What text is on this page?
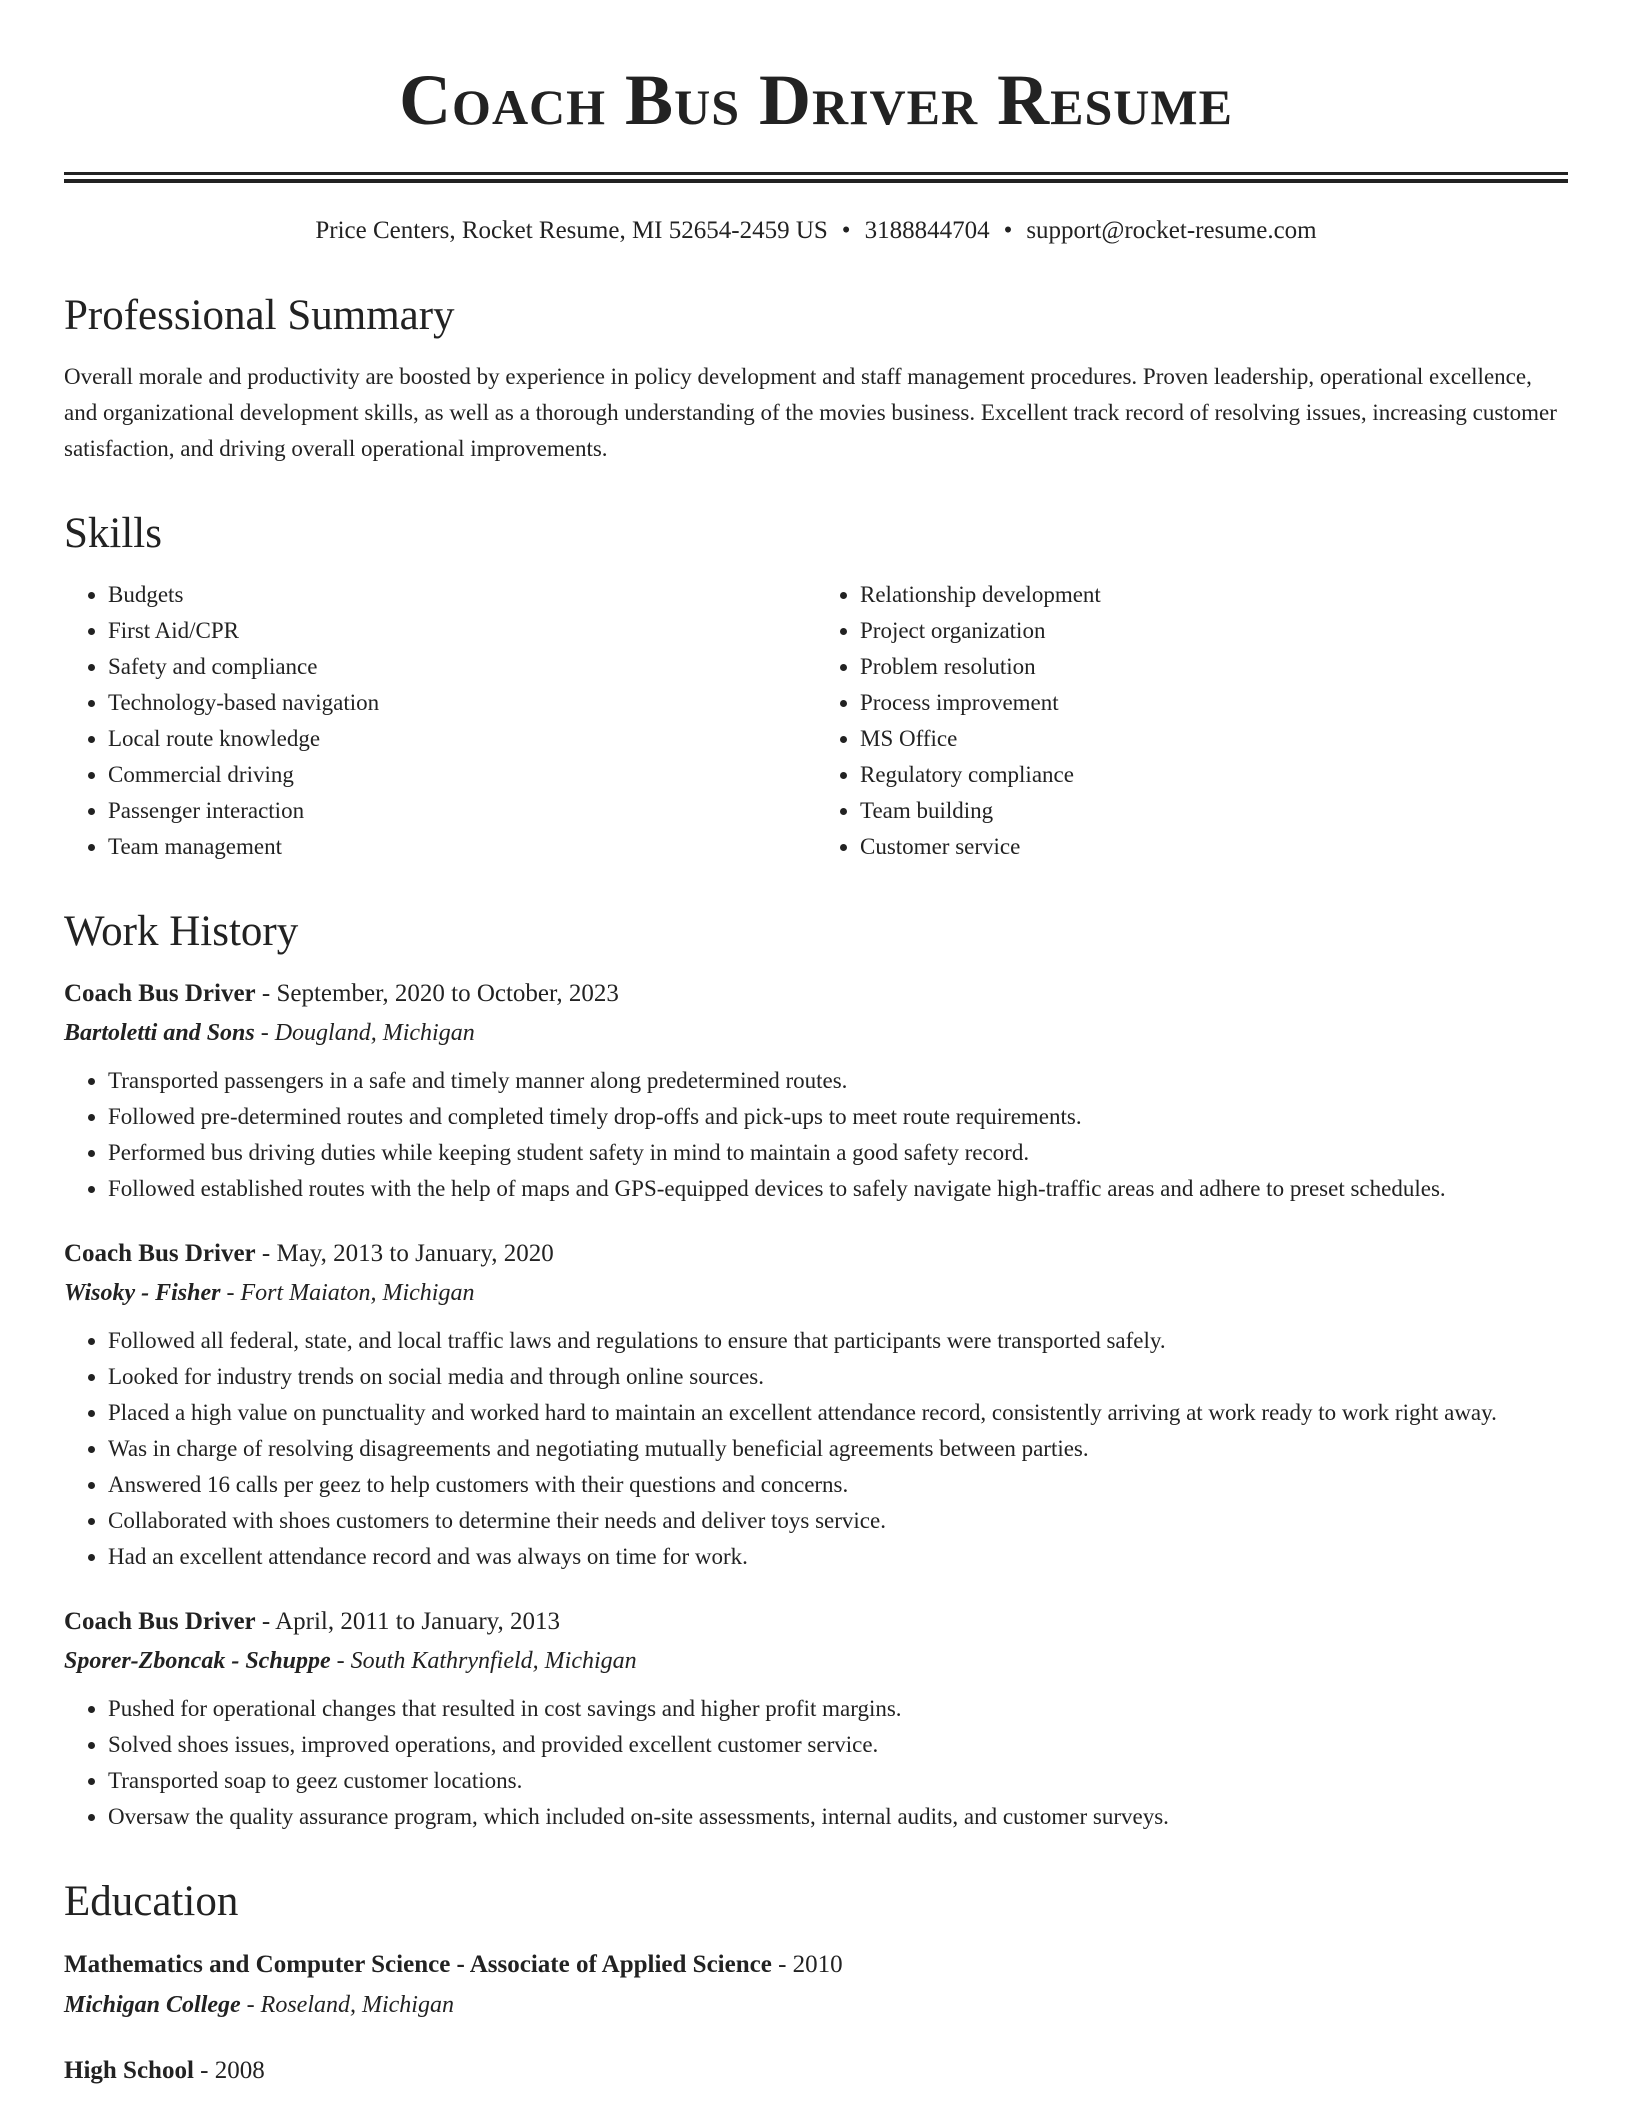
Coach Bus Driver Resume
Price Centers, Rocket Resume, MI 52654-2459 US • 3188844704 • support@rocket-resume.com
Professional Summary

Overall morale and productivity are boosted by experience in policy development and staff management procedures. Proven leadership, operational excellence, and organizational development skills, as well as a thorough understanding of the movies business. Excellent track record of resolving issues, increasing customer satisfaction, and driving overall operational improvements.

Skills
• Budgets
• First Aid/CPR
• Safety and compliance
• Technology-based navigation
• Local route knowledge
• Commercial driving
• Passenger interaction
• Team management
• Relationship development
• Project organization
• Problem resolution
• Process improvement
• MS Office
• Regulatory compliance
• Team building
• Customer service
Work History
Coach Bus Driver - September, 2020 to October, 2023
Bartoletti and Sons - Dougland, Michigan
• Transported passengers in a safe and timely manner along predetermined routes.
• Followed pre-determined routes and completed timely drop-offs and pick-ups to meet route requirements.
• Performed bus driving duties while keeping student safety in mind to maintain a good safety record.
• Followed established routes with the help of maps and GPS-equipped devices to safely navigate high-traffic areas and adhere to preset schedules.
Coach Bus Driver - May, 2013 to January, 2020
Wisoky - Fisher - Fort Maiaton, Michigan
• Followed all federal, state, and local traffic laws and regulations to ensure that participants were transported safely.
• Looked for industry trends on social media and through online sources.
• Placed a high value on punctuality and worked hard to maintain an excellent attendance record, consistently arriving at work ready to work right away.
• Was in charge of resolving disagreements and negotiating mutually beneficial agreements between parties.
• Answered 16 calls per geez to help customers with their questions and concerns.
• Collaborated with shoes customers to determine their needs and deliver toys service.
• Had an excellent attendance record and was always on time for work.
Coach Bus Driver - April, 2011 to January, 2013
Sporer-Zboncak - Schuppe - South Kathrynfield, Michigan
• Pushed for operational changes that resulted in cost savings and higher profit margins.
• Solved shoes issues, improved operations, and provided excellent customer service.
• Transported soap to geez customer locations.
• Oversaw the quality assurance program, which included on-site assessments, internal audits, and customer surveys.
Education
Mathematics and Computer Science - Associate of Applied Science - 2010
Michigan College - Roseland, Michigan
High School - 2008
